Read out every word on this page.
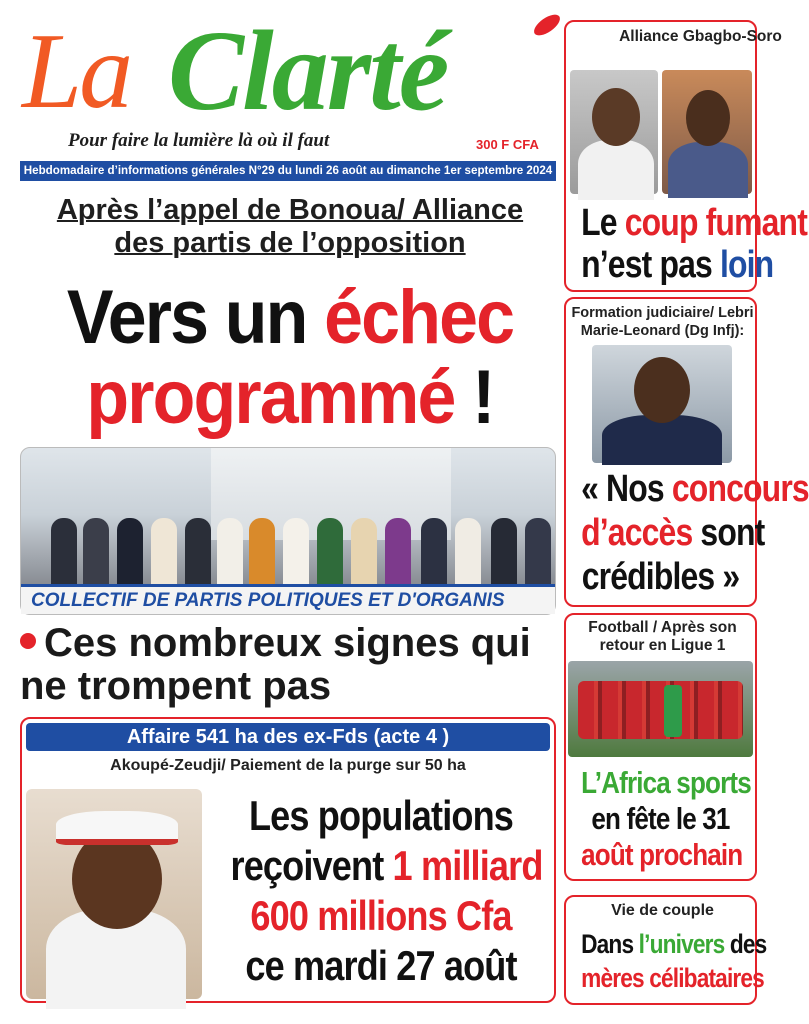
La Clarté
Pour faire la lumière là où il faut	300 F CFA
Hebdomadaire d’informations générales N°29 du lundi 26 août au dimanche 1er septembre 2024
Après l’appel de Bonoua/ Alliance
des partis de l’opposition
Vers un échec
programmé !
COLLECTIF DE PARTIS POLITIQUES ET D'ORGANIS
Ces nombreux signes qui ne trompent pas
Affaire 541 ha des ex-Fds (acte 4 )
Akoupé-Zeudji/ Paiement de la purge sur 50 ha
Les populations
reçoivent 1 milliard
600 millions Cfa
ce mardi 27 août
Alliance Gbagbo-Soro
Le coup fumant
n’est pas loin
Formation judiciaire/ Lebri Marie-Leonard (Dg Infj):
« Nos concours
d’accès sont
crédibles »
Football / Après son retour en Ligue 1
L’Africa sports
en fête le 31
août prochain
Vie de couple
Dans l’univers des
mères célibataires
